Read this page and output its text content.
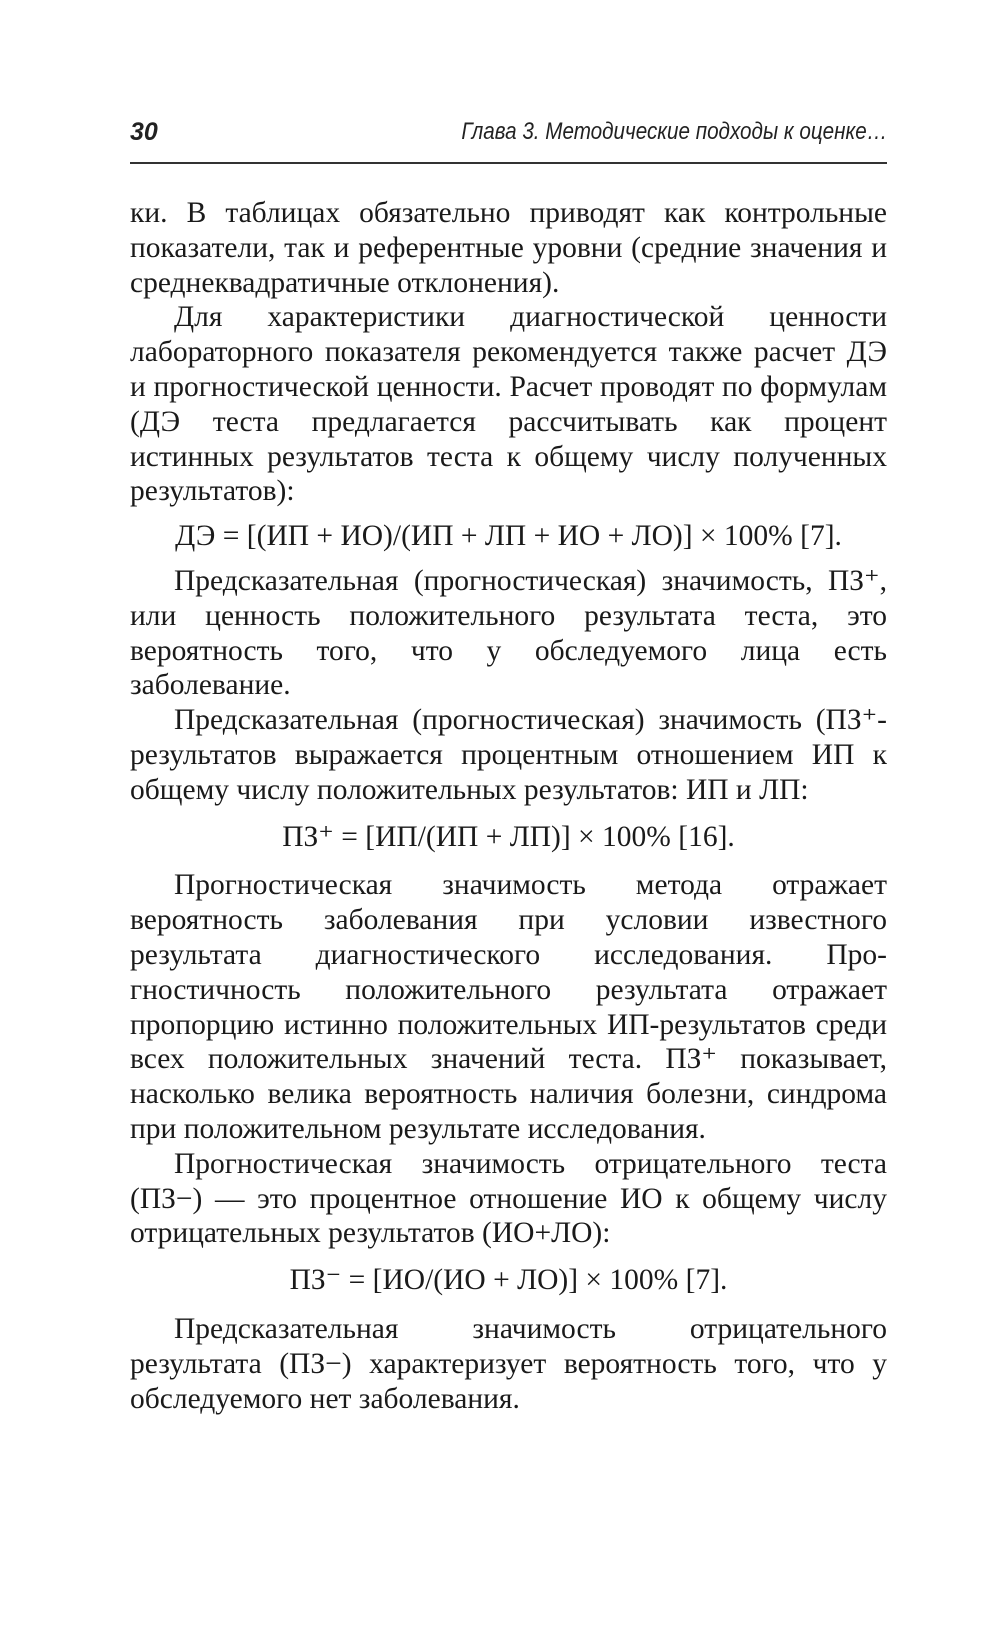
30	Глава 3. Методические подходы к оценке…

ки. В таблицах обязательно приводят как контрольные показатели, так и референтные уровни (средние значения и среднеквадратичные отклонения).

Для характеристики диагностической ценности лабораторного показателя рекомендуется также расчет ДЭ и прогностической ценности. Расчет проводят по формулам (ДЭ теста предлагается рассчитывать как процент истинных результатов теста к общему числу полученных результатов):

ДЭ = [(ИП + ИО)/(ИП + ЛП + ИО + ЛО)] × 100% [7].

Предсказательная (прогностическая) значимость, ПЗ⁺, или ценность положительного результата теста, это вероятность того, что у обследуемого лица есть заболевание.

Предсказательная (прогностическая) значимость (ПЗ⁺- результатов выражается процентным отношением ИП к общему числу положительных результатов: ИП и ЛП:

ПЗ⁺ = [ИП/(ИП + ЛП)] × 100% [16].

Прогностическая значимость метода отражает вероятность заболевания при условии известного результата диагностического исследования. Прогностичность положительного результата отражает пропорцию истинно положительных ИП-результатов среди всех положительных значений теста. ПЗ⁺ показывает, насколько велика вероятность наличия болезни, синдрома при положительном результате исследования.

Прогностическая значимость отрицательного теста (ПЗ−) — это процентное отношение ИО к общему числу отрицательных результатов (ИО+ЛО):

ПЗ⁻ = [ИО/(ИО + ЛО)] × 100% [7].

Предсказательная значимость отрицательного результата (ПЗ−) характеризует вероятность того, что у обследуемого нет заболевания.
